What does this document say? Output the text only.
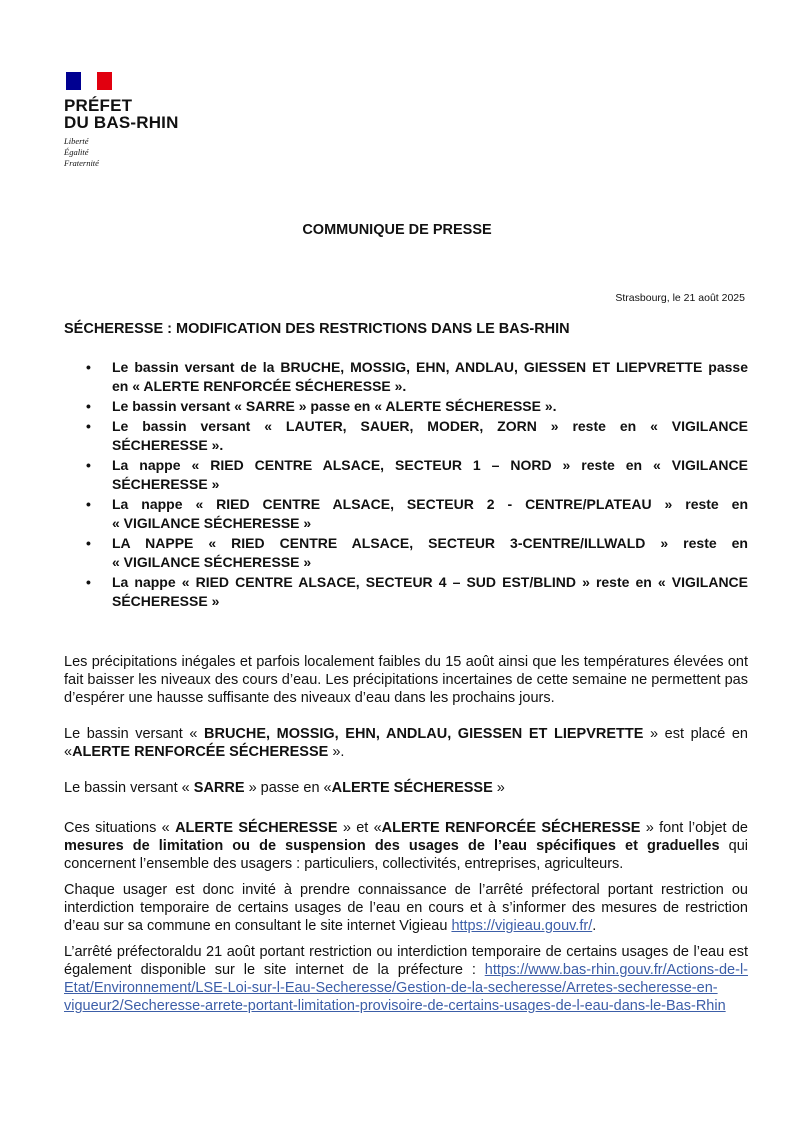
PRÉFET
DU BAS-RHIN
Liberté
Égalité
Fraternité
COMMUNIQUE DE PRESSE
Strasbourg, le 21 août 2025
SÉCHERESSE : MODIFICATION DES RESTRICTIONS DANS LE BAS-RHIN
• Le bassin versant de la BRUCHE, MOSSIG, EHN, ANDLAU, GIESSEN ET LIEPVRETTE passe
en « ALERTE RENFORCÉE SÉCHERESSE ».
• Le bassin versant « SARRE » passe en « ALERTE SÉCHERESSE ».
• Le bassin versant « LAUTER, SAUER, MODER, ZORN » reste en « VIGILANCE
SÉCHERESSE ».
• La nappe « RIED CENTRE ALSACE, SECTEUR 1 – NORD » reste en « VIGILANCE
SÉCHERESSE »
• La nappe « RIED CENTRE ALSACE, SECTEUR 2 - CENTRE/PLATEAU » reste en
« VIGILANCE SÉCHERESSE »
• LA NAPPE « RIED CENTRE ALSACE, SECTEUR 3-CENTRE/ILLWALD » reste en
« VIGILANCE SÉCHERESSE »
• La nappe « RIED CENTRE ALSACE, SECTEUR 4 – SUD EST/BLIND » reste en « VIGILANCE
SÉCHERESSE »

Les précipitations inégales et parfois localement faibles du 15 août ainsi que les températures élevées ont fait baisser les niveaux des cours d’eau. Les précipitations incertaines de cette semaine ne permettent pas d’espérer une hausse suffisante des niveaux d’eau dans les prochains jours.

Le bassin versant « BRUCHE, MOSSIG, EHN, ANDLAU, GIESSEN ET LIEPVRETTE » est placé en «ALERTE RENFORCÉE SÉCHERESSE ».

Le bassin versant « SARRE » passe en «ALERTE SÉCHERESSE »

Ces situations « ALERTE SÉCHERESSE » et «ALERTE RENFORCÉE SÉCHERESSE » font l’objet de mesures de limitation ou de suspension des usages de l’eau spécifiques et graduelles qui concernent l’ensemble des usagers : particuliers, collectivités, entreprises, agriculteurs.

Chaque usager est donc invité à prendre connaissance de l’arrêté préfectoral portant restriction ou interdiction temporaire de certains usages de l’eau en cours et à s’informer des mesures de restriction d’eau sur sa commune en consultant le site internet Vigieau https://vigieau.gouv.fr/.

L’arrêté préfectoraldu 21 août portant restriction ou interdiction temporaire de certains usages de l’eau est également disponible sur le site internet de la préfecture : https://www.bas-rhin.gouv.fr/Actions-de-l-Etat/Environnement/LSE-Loi-sur-l-Eau-Secheresse/Gestion-de-la-secheresse/Arretes-secheresse-en-vigueur2/Secheresse-arrete-portant-limitation-provisoire-de-certains-usages-de-l-eau-dans-le-Bas-Rhin
